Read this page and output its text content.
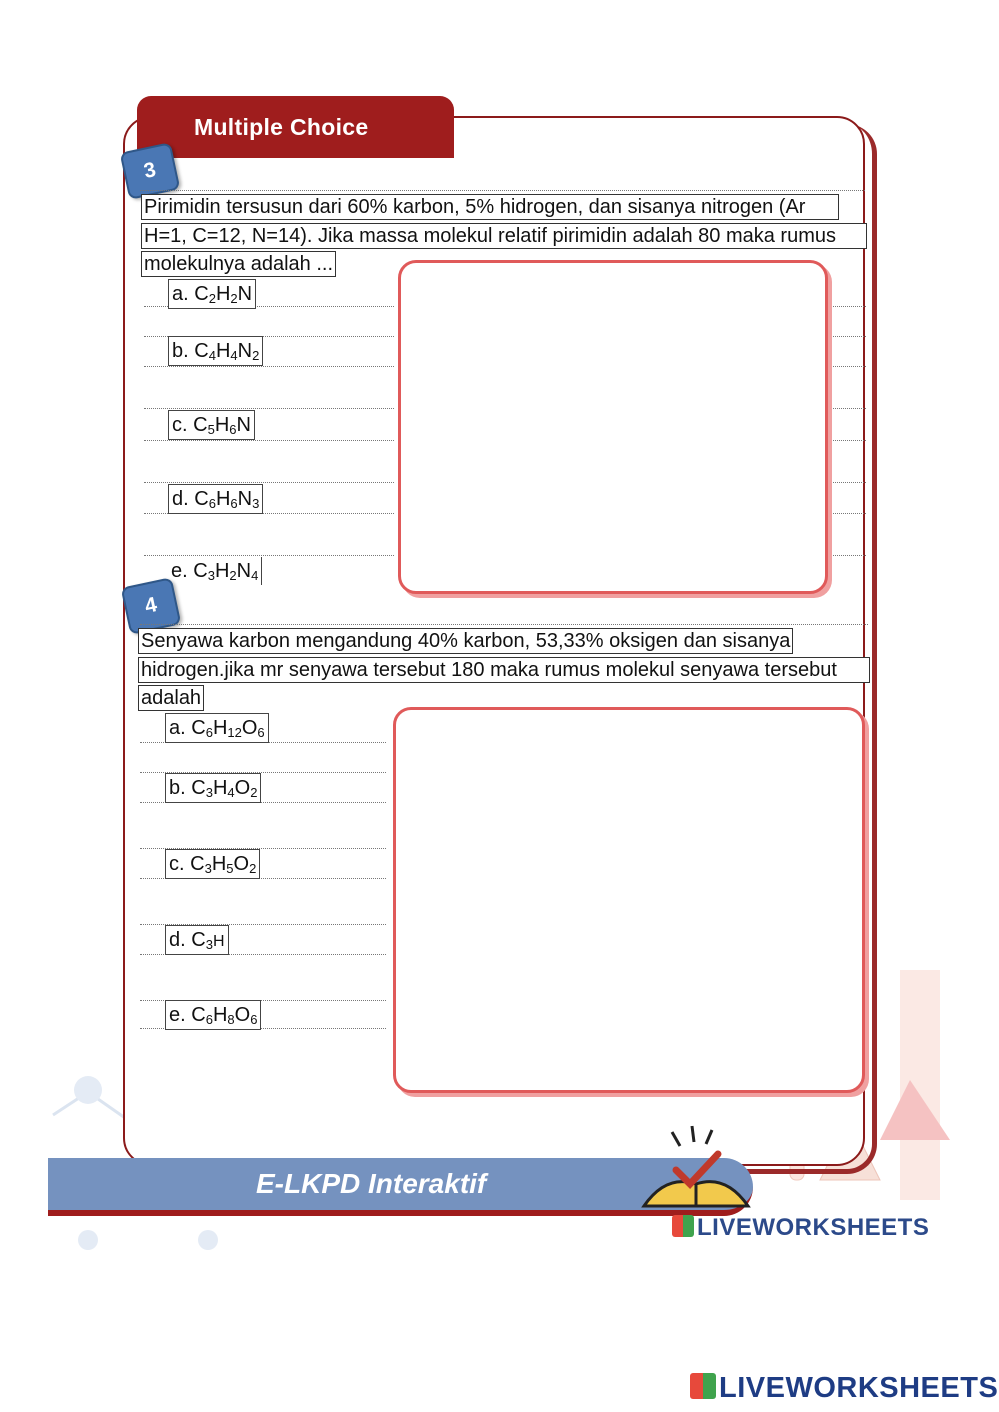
Multiple Choice
3
Pirimidin tersusun dari 60% karbon, 5% hidrogen, dan sisanya nitrogen (Ar
H=1, C=12, N=14). Jika massa molekul relatif pirimidin adalah 80 maka rumus
molekulnya adalah ...
a. $C_2H_2N$
b. $C_4H_4N_2$
c. $C_5H_6N$
d. $C_6H_6N_3$
e. $C_3H_2N_4$
4
Senyawa karbon mengandung 40% karbon, 53,33% oksigen dan sisanya
hidrogen.jika mr senyawa tersebut 180 maka rumus molekul senyawa tersebut
adalah
a. $C_6H_{12}O_6$
b. $C_3H_4O_2$
c. $C_3H_5O_2$
d. $C_3H$
e. $C_6H_8O_6$
E-LKPD Interaktif
LIVEWORKSHEETS
LIVEWORKSHEETS
